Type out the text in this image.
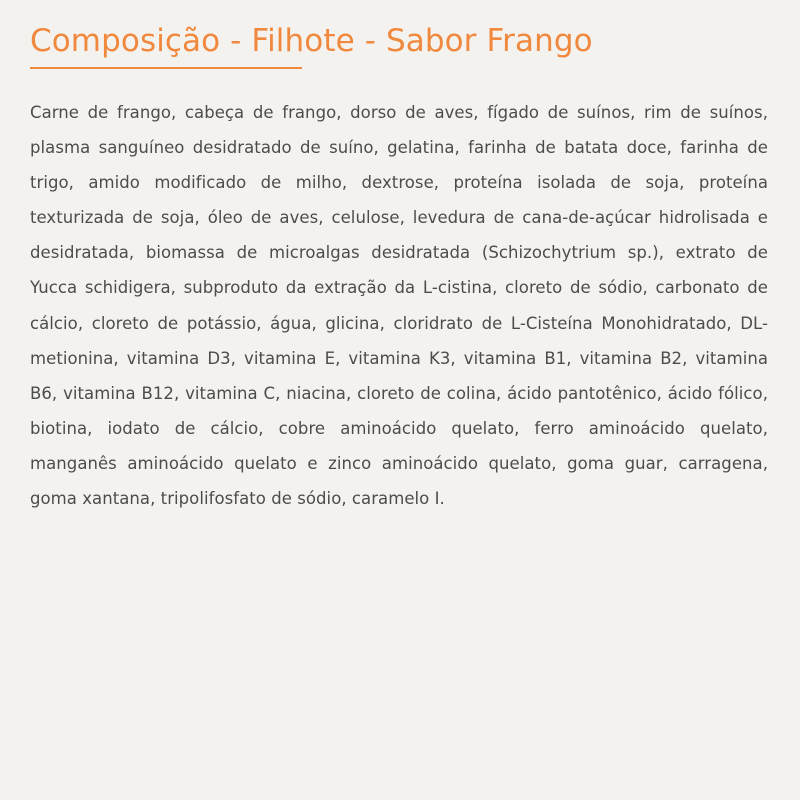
Composição - Filhote - Sabor Frango

Carne de frango, cabeça de frango, dorso de aves, fígado de suínos, rim de suínos, plasma sanguíneo desidratado de suíno, gelatina, farinha de batata doce, farinha de trigo, amido modificado de milho, dextrose, proteína isolada de soja, proteína texturizada de soja, óleo de aves, celulose, levedura de cana-de-açúcar hidrolisada e desidratada, biomassa de microalgas desidratada (Schizochytrium sp.), extrato de Yucca schidigera, subproduto da extração da L-cistina, cloreto de sódio, carbonato de cálcio, cloreto de potássio, água, glicina, cloridrato de L-Cisteína Monohidratado, DL-metionina, vitamina D3, vitamina E, vitamina K3, vitamina B1, vitamina B2, vitamina B6, vitamina B12, vitamina C, niacina, cloreto de colina, ácido pantotênico, ácido fólico, biotina, iodato de cálcio, cobre aminoácido quelato, ferro aminoácido quelato, manganês aminoácido quelato e zinco aminoácido quelato, goma guar, carragena, goma xantana, tripolifosfato de sódio, caramelo I.
